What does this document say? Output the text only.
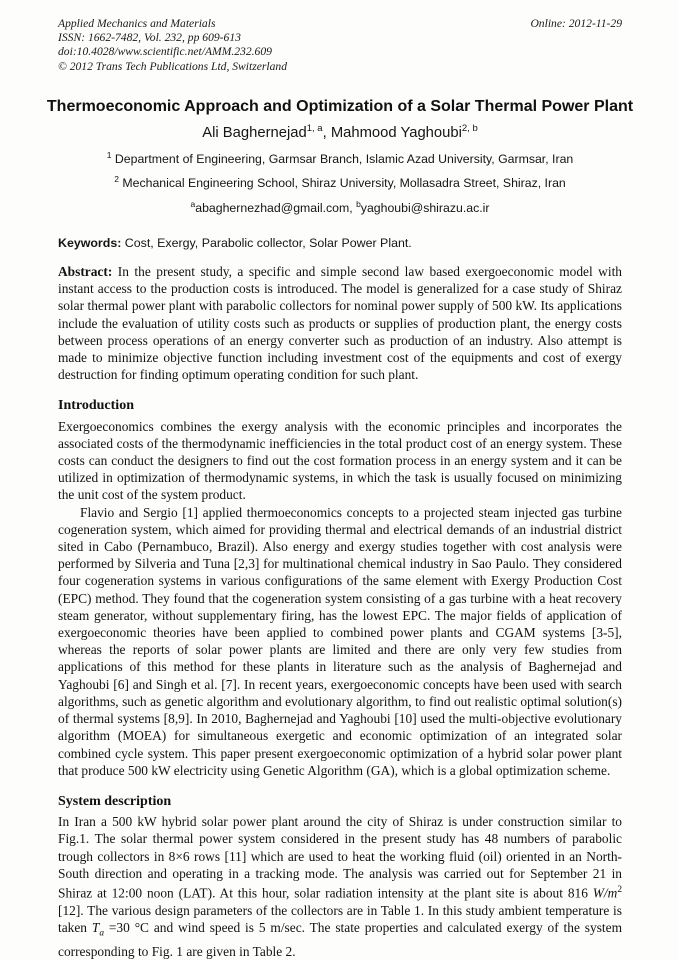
Applied Mechanics and Materials	Online: 2012-11-29
ISSN: 1662-7482, Vol. 232, pp 609-613
doi:10.4028/www.scientific.net/AMM.232.609
© 2012 Trans Tech Publications Ltd, Switzerland
Thermoeconomic Approach and Optimization of a Solar Thermal Power Plant
Ali Baghernejad$^{1, a}$, Mahmood Yaghoubi$^{2, b}$
$^1$ Department of Engineering, Garmsar Branch, Islamic Azad University, Garmsar, Iran
$^2$ Mechanical Engineering School, Shiraz University, Mollasadra Street, Shiraz, Iran
$^a$abaghernezhad@gmail.com, $^b$yaghoubi@shirazu.ac.ir
Keywords: Cost, Exergy, Parabolic collector, Solar Power Plant.

Abstract: In the present study, a specific and simple second law based exergoeconomic model with instant access to the production costs is introduced. The model is generalized for a case study of Shiraz solar thermal power plant with parabolic collectors for nominal power supply of 500 kW. Its applications include the evaluation of utility costs such as products or supplies of production plant, the energy costs between process operations of an energy converter such as production of an industry. Also attempt is made to minimize objective function including investment cost of the equipments and cost of exergy destruction for finding optimum operating condition for such plant.

Introduction

Exergoeconomics combines the exergy analysis with the economic principles and incorporates the associated costs of the thermodynamic inefficiencies in the total product cost of an energy system. These costs can conduct the designers to find out the cost formation process in an energy system and it can be utilized in optimization of thermodynamic systems, in which the task is usually focused on minimizing the unit cost of the system product.

Flavio and Sergio [1] applied thermoeconomics concepts to a projected steam injected gas turbine cogeneration system, which aimed for providing thermal and electrical demands of an industrial district sited in Cabo (Pernambuco, Brazil). Also energy and exergy studies together with cost analysis were performed by Silveria and Tuna [2,3] for multinational chemical industry in Sao Paulo. They considered four cogeneration systems in various configurations of the same element with Exergy Production Cost (EPC) method. They found that the cogeneration system consisting of a gas turbine with a heat recovery steam generator, without supplementary firing, has the lowest EPC. The major fields of application of exergoeconomic theories have been applied to combined power plants and CGAM systems [3-5], whereas the reports of solar power plants are limited and there are only very few studies from applications of this method for these plants in literature such as the analysis of Baghernejad and Yaghoubi [6] and Singh et al. [7]. In recent years, exergoeconomic concepts have been used with search algorithms, such as genetic algorithm and evolutionary algorithm, to find out realistic optimal solution(s) of thermal systems [8,9]. In 2010, Baghernejad and Yaghoubi [10] used the multi-objective evolutionary algorithm (MOEA) for simultaneous exergetic and economic optimization of an integrated solar combined cycle system. This paper present exergoeconomic optimization of a hybrid solar power plant that produce 500 kW electricity using Genetic Algorithm (GA), which is a global optimization scheme.

System description

In Iran a 500 kW hybrid solar power plant around the city of Shiraz is under construction similar to Fig.1. The solar thermal power system considered in the present study has 48 numbers of parabolic trough collectors in 8×6 rows [11] which are used to heat the working fluid (oil) oriented in an North-South direction and operating in a tracking mode. The analysis was carried out for September 21 in Shiraz at 12:00 noon (LAT). At this hour, solar radiation intensity at the plant site is about 816 $W/m^2$ [12]. The various design parameters of the collectors are in Table 1. In this study ambient temperature is taken $T_a =30$ °C and wind speed is 5 m/sec. The state properties and calculated exergy of the system corresponding to Fig. 1 are given in Table 2.
